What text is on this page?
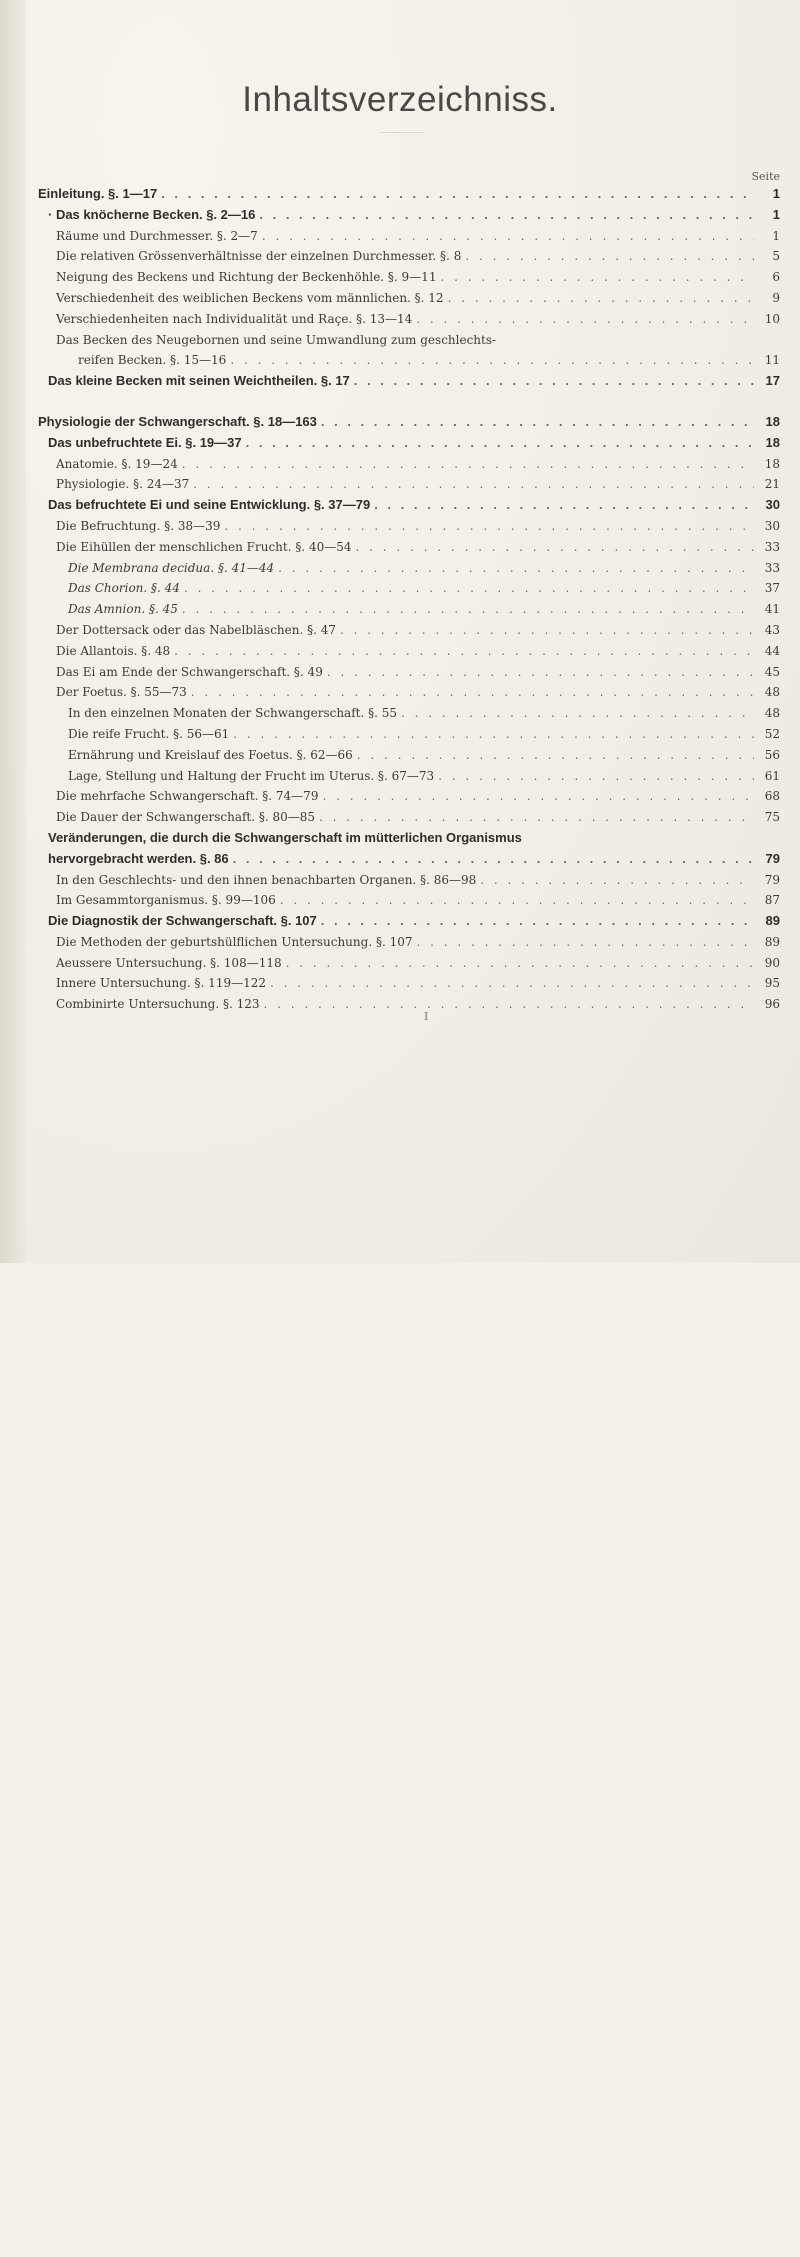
Inhaltsverzeichniss.
Seite
Einleitung. §. 1—17 . . .	1
· Das knöcherne Becken. §. 2—16 . . .	1
Räume und Durchmesser. §. 2—7 . . .	1
Die relativen Grössenverhältnisse der einzelnen Durchmesser. §. 8 . . .	5
Neigung des Beckens und Richtung der Beckenhöhle. §. 9—11 . . .	6
Verschiedenheit des weiblichen Beckens vom männlichen. §. 12 . . .	9
Verschiedenheiten nach Individualität und Raçe. §. 13—14 . . .	10
Das Becken des Neugebornen und seine Umwandlung zum geschlechts-
reifen Becken. §. 15—16 . . .	11
Das kleine Becken mit seinen Weichtheilen. §. 17 . . .	17
Physiologie der Schwangerschaft. §. 18—163 . . .	18
Das unbefruchtete Ei. §. 19—37 . . .	18
Anatomie. §. 19—24 . . .	18
Physiologie. §. 24—37 . . .	21
Das befruchtete Ei und seine Entwicklung. §. 37—79 . . .	30
Die Befruchtung. §. 38—39 . . .	30
Die Eihüllen der menschlichen Frucht. §. 40—54 . . .	33
Die Membrana decidua. §. 41—44 . . .	33
Das Chorion. §. 44 . . .	37
Das Amnion. §. 45 . . .	41
Der Dottersack oder das Nabelbläschen. §. 47 . . .	43
Die Allantois. §. 48 . . .	44
Das Ei am Ende der Schwangerschaft. §. 49 . . .	45
Der Foetus. §. 55—73 . . .	48
In den einzelnen Monaten der Schwangerschaft. §. 55 . . .	48
Die reife Frucht. §. 56—61 . . .	52
Ernährung und Kreislauf des Foetus. §. 62—66 . . .	56
Lage, Stellung und Haltung der Frucht im Uterus. §. 67—73 . . .	61
Die mehrfache Schwangerschaft. §. 74—79 . . .	68
Die Dauer der Schwangerschaft. §. 80—85 . . .	75
Veränderungen, die durch die Schwangerschaft im mütterlichen Organismus
hervorgebracht werden. §. 86 . . .	79
In den Geschlechts- und den ihnen benachbarten Organen. §. 86—98 . . .	79
Im Gesammtorganismus. §. 99—106 . . .	87
Die Diagnostik der Schwangerschaft. §. 107 . . .	89
Die Methoden der geburtshülflichen Untersuchung. §. 107 . . .	89
Aeussere Untersuchung. §. 108—118 . . .	90
Innere Untersuchung. §. 119—122 . . .	95
Combinirte Untersuchung. §. 123 . . .	96
I
